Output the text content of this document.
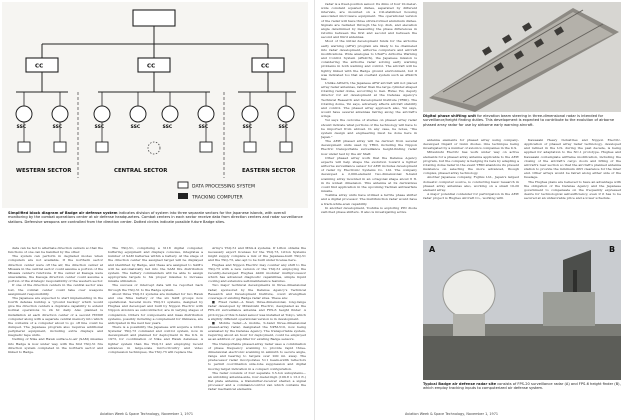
CC	CC	CC
SSC	SSC	SSC	SSC	SSC	SSC	SSC	SSC
WESTERN SECTOR	CENTRAL SECTOR	EASTERN SECTOR
DATA PROCESSING SYSTEM
TRACKING COMPUTER
Simplified block diagram of Badge air defense system indicates division of system into three separate sectors for the Japanese islands, with overall monitoring by the combat operations center at air defense headquarters. Combat centers in each sector receive data from direction centers and radar surveillance stations. Defensive weapons are controlled from the direction center. Dotted circles indicate possible future Badge sites.

data can be fed to alternate direction centers so that the functions of one can be handled by the other.

The system can perform in degraded modes when computers are not available. If the northern sector direction center were off the air, the direction center at Misawa in the central sector could assume a portion of the Misawa center's functions. If the center at Kasuga were unavailable, the Kasuga direction center could assume a portion of the strategic responsibility of the western sector.

If one of the direction centers in the central sector was lost, the combat center could take over weapons assignment responsibility.

The Japanese are expected to start implementing in the fourth defense buildup a "ground backup" which would give the direction centers a duplicate capability to extend normal operations to 24 hr. daily. Also planned is installation at each direction center of a second H3308 computer along with a separate central memory into which the contents of a computer about to go off line could be dumped. The Japanese program also requires additional peripheral equipment, including extra displays and magnetic tape units.

Netting of Nike and Hawk surface-to-air (SAM) missiles into Badge is now under way, with the first TSQ-51 fire direction system completed in the northern sector and linked to Badge.

The TSQ-51, comprising a 3118 digital computer, buffering equipment and displays consoles, integrates a number of SAM batteries within a battery. At the stage of the direction center the assigned target will be displayed and identified by Badge, and these are assigned to SAM's will be automatically fed into the SAM fire distribution system. The battery commanders will be able to assign appropriate targets to his proper missiles to increase missile utilization.

The success of intercept data will be reported back through the TSQ-51 to the Badge system.

About three TSQ-51 systems are installed for two Hawk and one Nike battery of the six SAM groups now operational. Several more TSQ-51 systems, designed by Hughes and developed and built by Nippon Electric with Nippon Avionics as subcontractor, are in varying stages of completion. Orders for components and mass distribution systems, possibly including a complement for Okinawa, are anticipated in the next few years.

There is a possibility the Japanese will acquire a Litton Systems' TSQ-73 command and control system, now in development and planned for deployment in the U.S. in 1973, for coordination of Nike and Hawk defenses. A lighter system than the TSQ-51 and employing recent advances in large-scale microcircuitry and video compression techniques, the TSQ-73 will replace the

Army's TSQ-51 and MSG-4 systems. If Litton obtains the necessary export licenses for the TSQ-73, Litton Systems might supply complete a mix of the Japanese-built TSQ-51 and the TSQ-73, also apt to be built under license here.

Hughes and Nippon Electric may counter any shift to the TSQ-73 with a new version of the TSQ-51 employing the recently-developed Hughes 4400 modular multiprocessor which has advanced diagnostic capabilities, simple liquid cooling and extensive self-maintenance features.

Two major technical developments in three-dimensional radar, sponsored by the Defense Agency's Technical Research and Development Institute, could strengthen coverage of existing Badge radar sites. These are:

■ Fixed radar—A fixed, three-dimensional, long-range radar developed by Mitsubishi Electric, designated as the FPS-20 surveillance antenna and FPS-6 height finder. A prototype of this S-band sensor was installed at Tokyo, which a slightly different operational version is in development.

■ Mobile radar—A mobile, S-band three-dimensional phased-array radar, designated the NPM-510, now being evaluated by the Defense Agency. The transportable system, requiring about an hour for deployment, could be employed as an addition or gap-filler for existing Badge sensors.

The transportable phased-array radar uses a combination of phase frequency scanning to provide rapid three-dimensional electronic scanning in azimuth to secure angle, range and bearing to targets over 200 mi. away. The predecessor radar incorporates 5×1 beam-width reflectors to permit coordination side-lobe suppression and digital moving target indication in a compact configuration.

The radar consists of four separate 3.5-ton subsystems—an unfolding antenna-side, four-meter-high (109.8 x 13.2 ft.) flat plate antenna, a transmitter-receiver shelter, a signal processor and a command-control van which contains the radar mechanical elements.

Aviation Week & Space Technology, November 1, 1971
Digital phase shifting unit for elevation beam steering in three-dimensional radar is intended for surveillance/height finding duties. This development is expected to contribute to the evolution of airborne phased array radar for use by airborne early warning aircraft.

radar is a fixed-position sensor. Its dims of four 10-meter-wide constant squared dishes, separated by different intervals, are mounted on a roll-stabilized housing associated microwave equipment. The operational version of the radar will have three struts-formed aluminum dishes. Signals are radiated through the top dish, and elevation angle determined by measuring the phase differences in returns between the first and second and between the second and third antennas.

Most of the initial development funds for the airborne early warning (AEW) program are likely to be channeled into radar development, airborne computers and aircraft modifications. Wide analogies to USAF's Airborne Warning and Control System (AWACS), the Japanese mission is considering the airborne radar solving early warning problems in both warning and control. The aircraft will be tightly linked with the Badge ground environment, but it was indicated too that an overlaid system such as AWACS has.

Unlike AWACS, the Japanese AEW aircraft will not placed array radar antennas, rather than the large cylinder-shaped rotating radar dome, according to Gen. Hideo Yui, deputy director for air development at the Defense Agency's Technical Research and Development Institute (TRDI). The rotating dome, Yui says, adversely affects aircraft stability and control. The phased array approach also, Yui says, would have several antennas fairing along the aircraft's wings.

Yui says the outcome of studies on phased array radar should indicate what portions of the technology will have to be imported from abroad. In any case, he notes, "the system design and engineering must be done here in Japan."

The AEW phased array will be derived from several development units used by TRDI, including the Nippon Electric transportable surveillance height-finding radar now under test by the Air Staff.

Other phased array work that the Defense Agency expects will help shape the evolution toward a lighter airborne surveillance sensor for AEW includes development of radar by Electronic Systems Co. Ltd. The company developed a 2,000-element two-dimensional X-band scanning array mounted in an octagonal shape about 6 ft. in its widest dimension. This antenna at its derivatives could find application in the upcoming Tachian antiwarfare missile.

Toshiba array units have utilized a ferrite phase shifter and a digital processor. The multifunction radar would have a track-while-scan capability.

In another development, Toshiba is exploring PIN diode switched phase shifters. It also is investigating active

antenna elements for phased array using company-developed Impatt or Gunn diodes. One technique being investigated by a number of avionics companies in the U.S.

Mitsubishi Electric has work under way on active elements for a phased array antenna applicable to the AEW program, but the company is hedging its bets by adapting a rotating dome radar in the event TRDI abandons its present insistence on selecting the more advanced, though complex, phased array technology.

Another Japanese company, Fujitsu Ltd., Japan's largest domestic computer source, is conducting basic research in phased array antennas also, working on a small 10-20 element array.

A major potential contender for participation in the AEW radar project is Hughes Aircraft Co., working with

Kawasaki Heavy Industries and Nippon Electric. Application of phased array radar technology, developed and refined in the U.S. during the past decade, is being applied for adaptation to the NC-1 prototype. Hughes and Kawasaki contemplate airframe modification, including the closing of the aircraft's cargo doors and lifting of the aircraft's rear section so that the aircraft's planned antenna station to provide the minimum drift clearance for the inner end. Other arrays would be faired along either side of the fuselage.

The Hughes plans are believed to have an advantage with the obligation of the Defense Agency and the Japanese government to compensate on the frequently expressed desire for technological self-sufficiency, even if it has to be secured at an unfavorable price and a lower schedule.

A	B
Typical Badge air defense radar site consists of FPS-20 surveillance radar (A) and FPS-6 height finder (B), which employ tracking inputs to computerized air defense system.
Aviation Week & Space Technology, November 1, 1971
